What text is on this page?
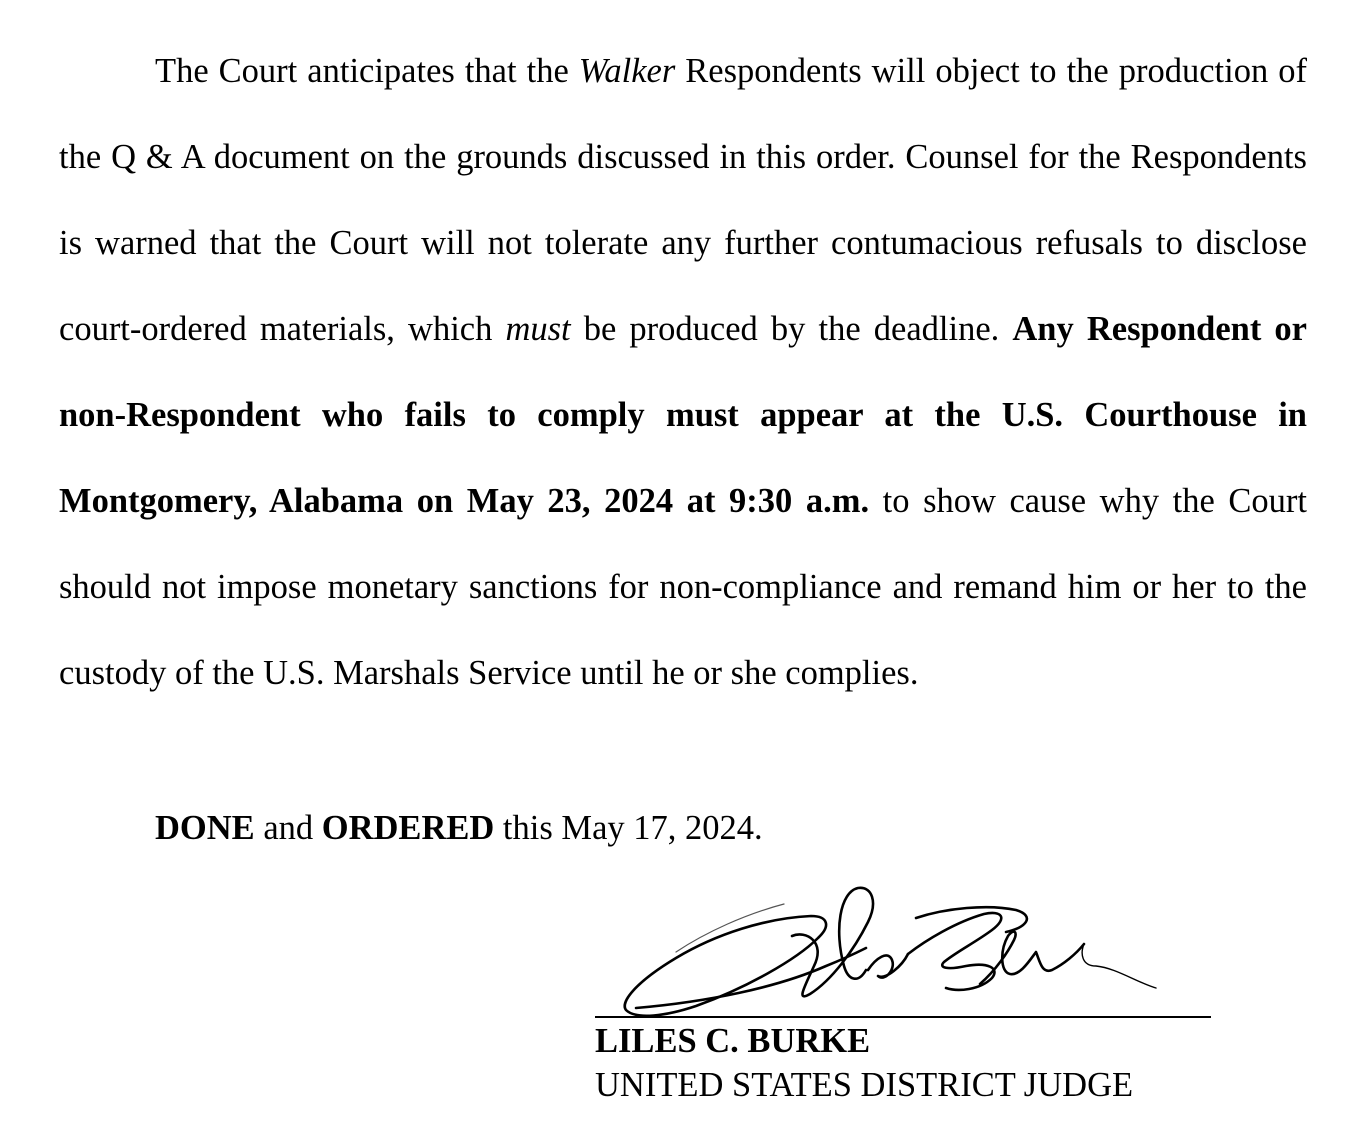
The Court anticipates that the Walker Respondents will object to the production of the Q & A document on the grounds discussed in this order. Counsel for the Respondents is warned that the Court will not tolerate any further contumacious refusals to disclose court-ordered materials, which must be produced by the deadline. Any Respondent or non-Respondent who fails to comply must appear at the U.S. Courthouse in Montgomery, Alabama on May 23, 2024 at 9:30 a.m. to show cause why the Court should not impose monetary sanctions for non-compliance and remand him or her to the custody of the U.S. Marshals Service until he or she complies.

DONE and ORDERED this May 17, 2024.

LILES C. BURKE
UNITED STATES DISTRICT JUDGE
